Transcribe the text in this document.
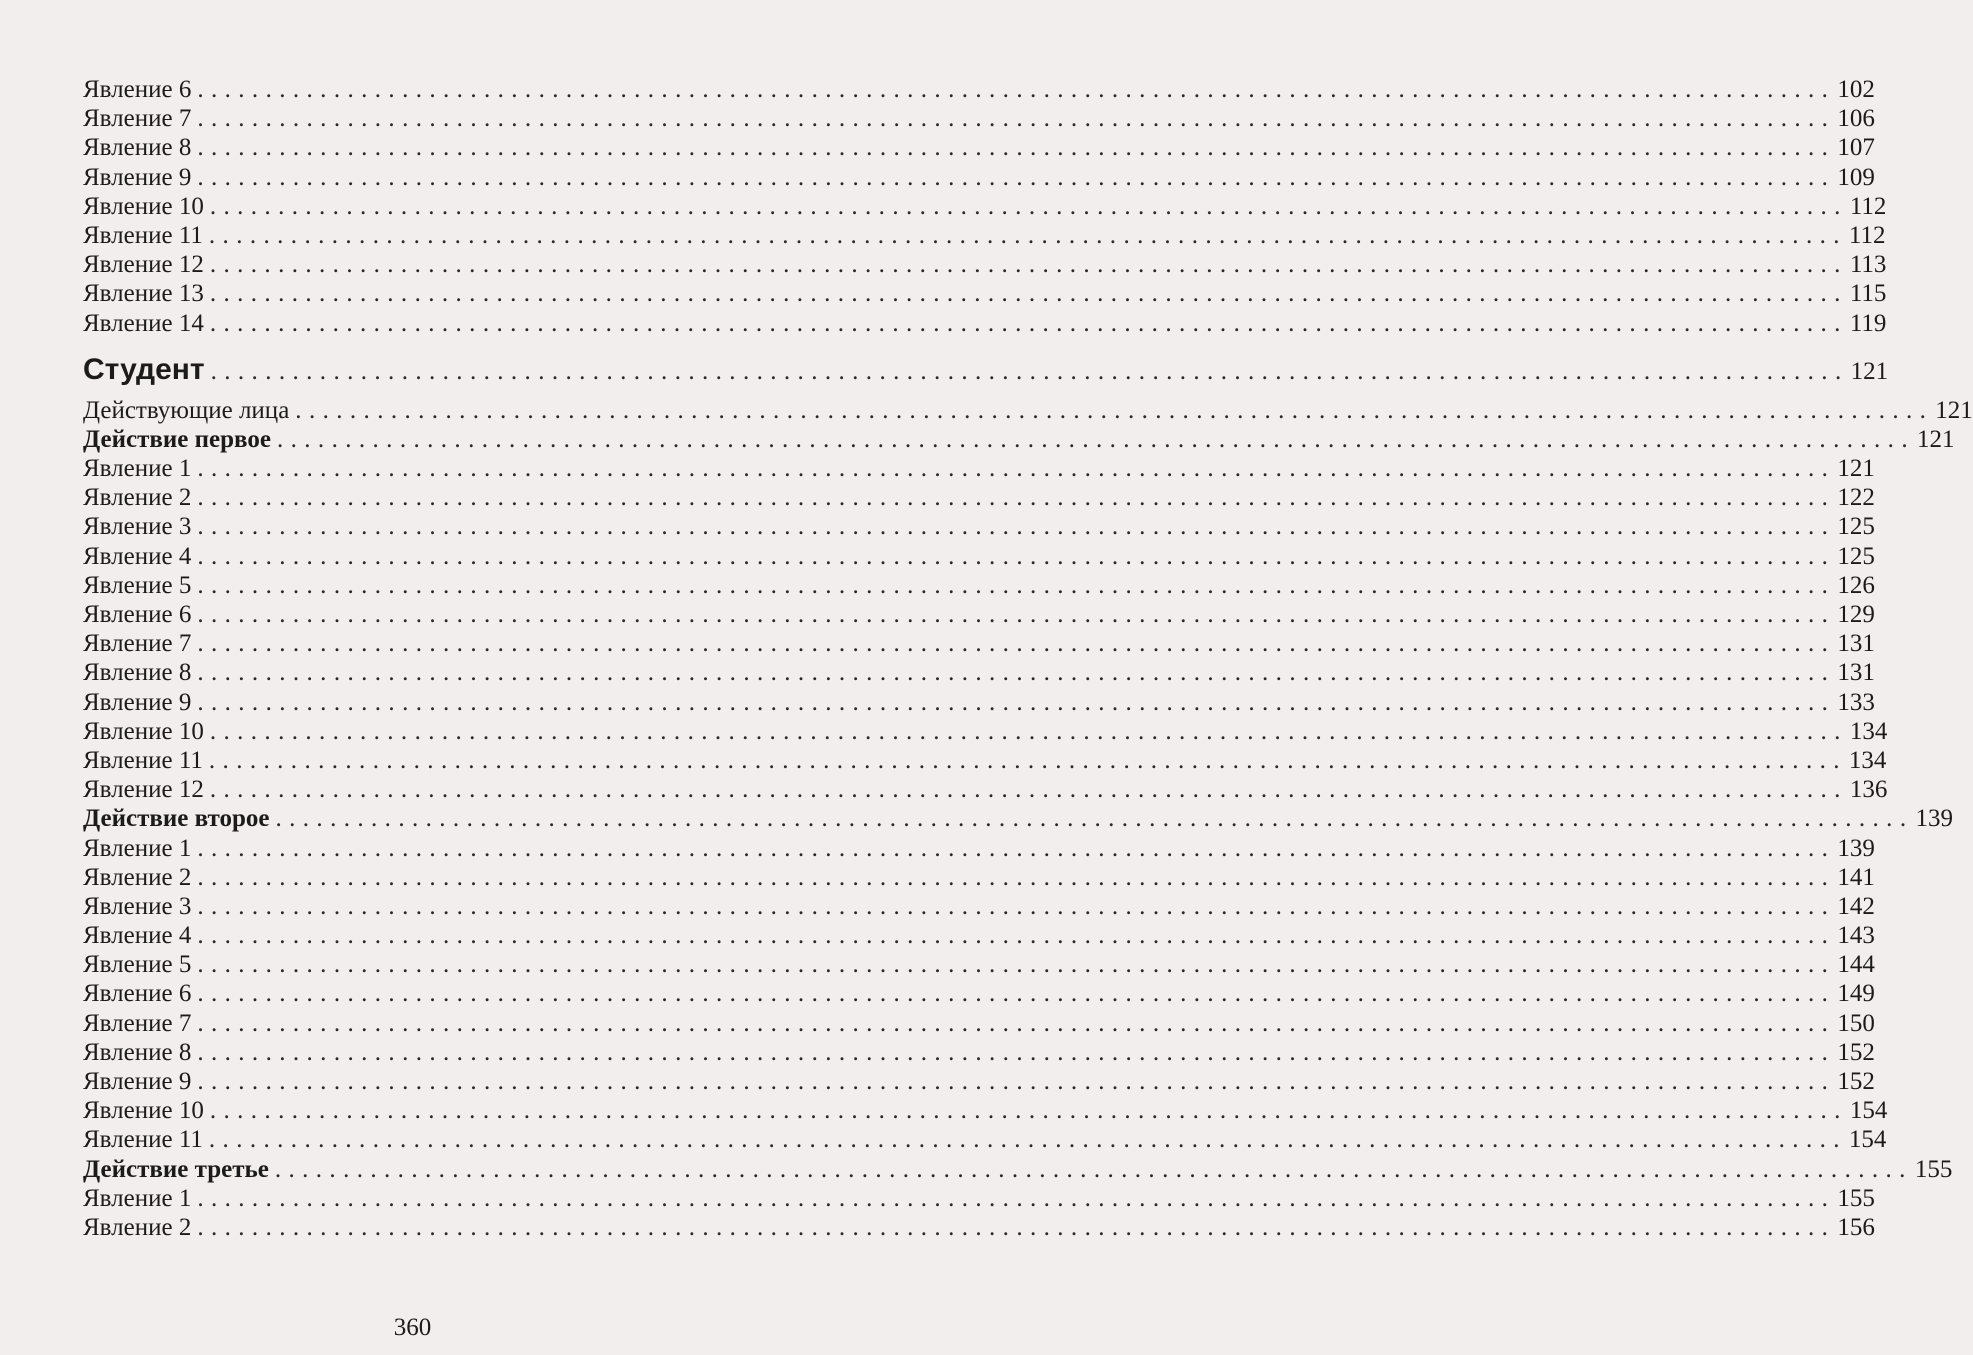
Явление 6 ........................................................................................................................ 102
Явление 7 ........................................................................................................................ 106
Явление 8 ........................................................................................................................ 107
Явление 9 ........................................................................................................................ 109
Явление 10 ........................................................................................................................ 112
Явление 11 ........................................................................................................................ 112
Явление 12 ........................................................................................................................ 113
Явление 13 ........................................................................................................................ 115
Явление 14 ........................................................................................................................ 119
Студент ........................................................................................................................ 121
Действующие лица ........................................................................................................................ 121
Действие первое ........................................................................................................................ 121
Явление 1 ........................................................................................................................ 121
Явление 2 ........................................................................................................................ 122
Явление 3 ........................................................................................................................ 125
Явление 4 ........................................................................................................................ 125
Явление 5 ........................................................................................................................ 126
Явление 6 ........................................................................................................................ 129
Явление 7 ........................................................................................................................ 131
Явление 8 ........................................................................................................................ 131
Явление 9 ........................................................................................................................ 133
Явление 10 ........................................................................................................................ 134
Явление 11 ........................................................................................................................ 134
Явление 12 ........................................................................................................................ 136
Действие второе ........................................................................................................................ 139
Явление 1 ........................................................................................................................ 139
Явление 2 ........................................................................................................................ 141
Явление 3 ........................................................................................................................ 142
Явление 4 ........................................................................................................................ 143
Явление 5 ........................................................................................................................ 144
Явление 6 ........................................................................................................................ 149
Явление 7 ........................................................................................................................ 150
Явление 8 ........................................................................................................................ 152
Явление 9 ........................................................................................................................ 152
Явление 10 ........................................................................................................................ 154
Явление 11 ........................................................................................................................ 154
Действие третье ........................................................................................................................ 155
Явление 1 ........................................................................................................................ 155
Явление 2 ........................................................................................................................ 156
360
